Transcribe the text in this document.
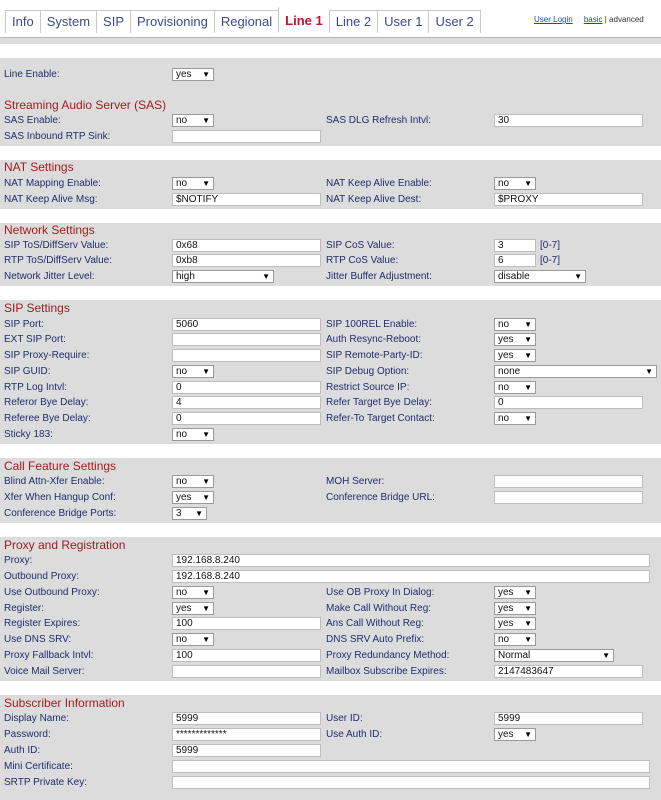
Info	System	SIP	Provisioning	Regional	Line 1	Line 2	User 1	User 2	User Login basic | advanced
Line Enable:	yes ▼
Streaming Audio Server (SAS)
SAS Enable:	no ▼	SAS DLG Refresh Intvl:	30
SAS Inbound RTP Sink:
NAT Settings
NAT Mapping Enable:	no ▼	NAT Keep Alive Enable:	no ▼
NAT Keep Alive Msg:	$NOTIFY	NAT Keep Alive Dest:	$PROXY
Network Settings
SIP ToS/DiffServ Value:	0x68	SIP CoS Value:	3	[0-7]
RTP ToS/DiffServ Value:	0xb8	RTP CoS Value:	6	[0-7]
Network Jitter Level:	high	▼	Jitter Buffer Adjustment:	disable	▼
SIP Settings
SIP Port:	5060	SIP 100REL Enable:	no ▼
EXT SIP Port:	Auth Resync-Reboot:	yes ▼
SIP Proxy-Require:	SIP Remote-Party-ID:	yes ▼
SIP GUID:	no ▼	SIP Debug Option:	none	▼
RTP Log Intvl:	0	Restrict Source IP:	no ▼
Referor Bye Delay:	4	Refer Target Bye Delay:	0
Referee Bye Delay:	0	Refer-To Target Contact:	no ▼
Sticky 183:	no ▼
Call Feature Settings
Blind Attn-Xfer Enable:	no ▼	MOH Server:
Xfer When Hangup Conf:	yes ▼	Conference Bridge URL:
Conference Bridge Ports:	3 ▼
Proxy and Registration
Proxy:	192.168.8.240
Outbound Proxy:	192.168.8.240
Use Outbound Proxy:	no ▼	Use OB Proxy In Dialog:	yes ▼
Register:	yes ▼	Make Call Without Reg:	yes ▼
Register Expires:	100	Ans Call Without Reg:	yes ▼
Use DNS SRV:	no ▼	DNS SRV Auto Prefix:	no ▼
Proxy Fallback Intvl:	100	Proxy Redundancy Method:	Normal	▼
Voice Mail Server:	Mailbox Subscribe Expires:	2147483647
Subscriber Information
Display Name:	5999	User ID:	5999
Password:	*************	Use Auth ID:	yes ▼
Auth ID:	5999
Mini Certificate:
SRTP Private Key:
